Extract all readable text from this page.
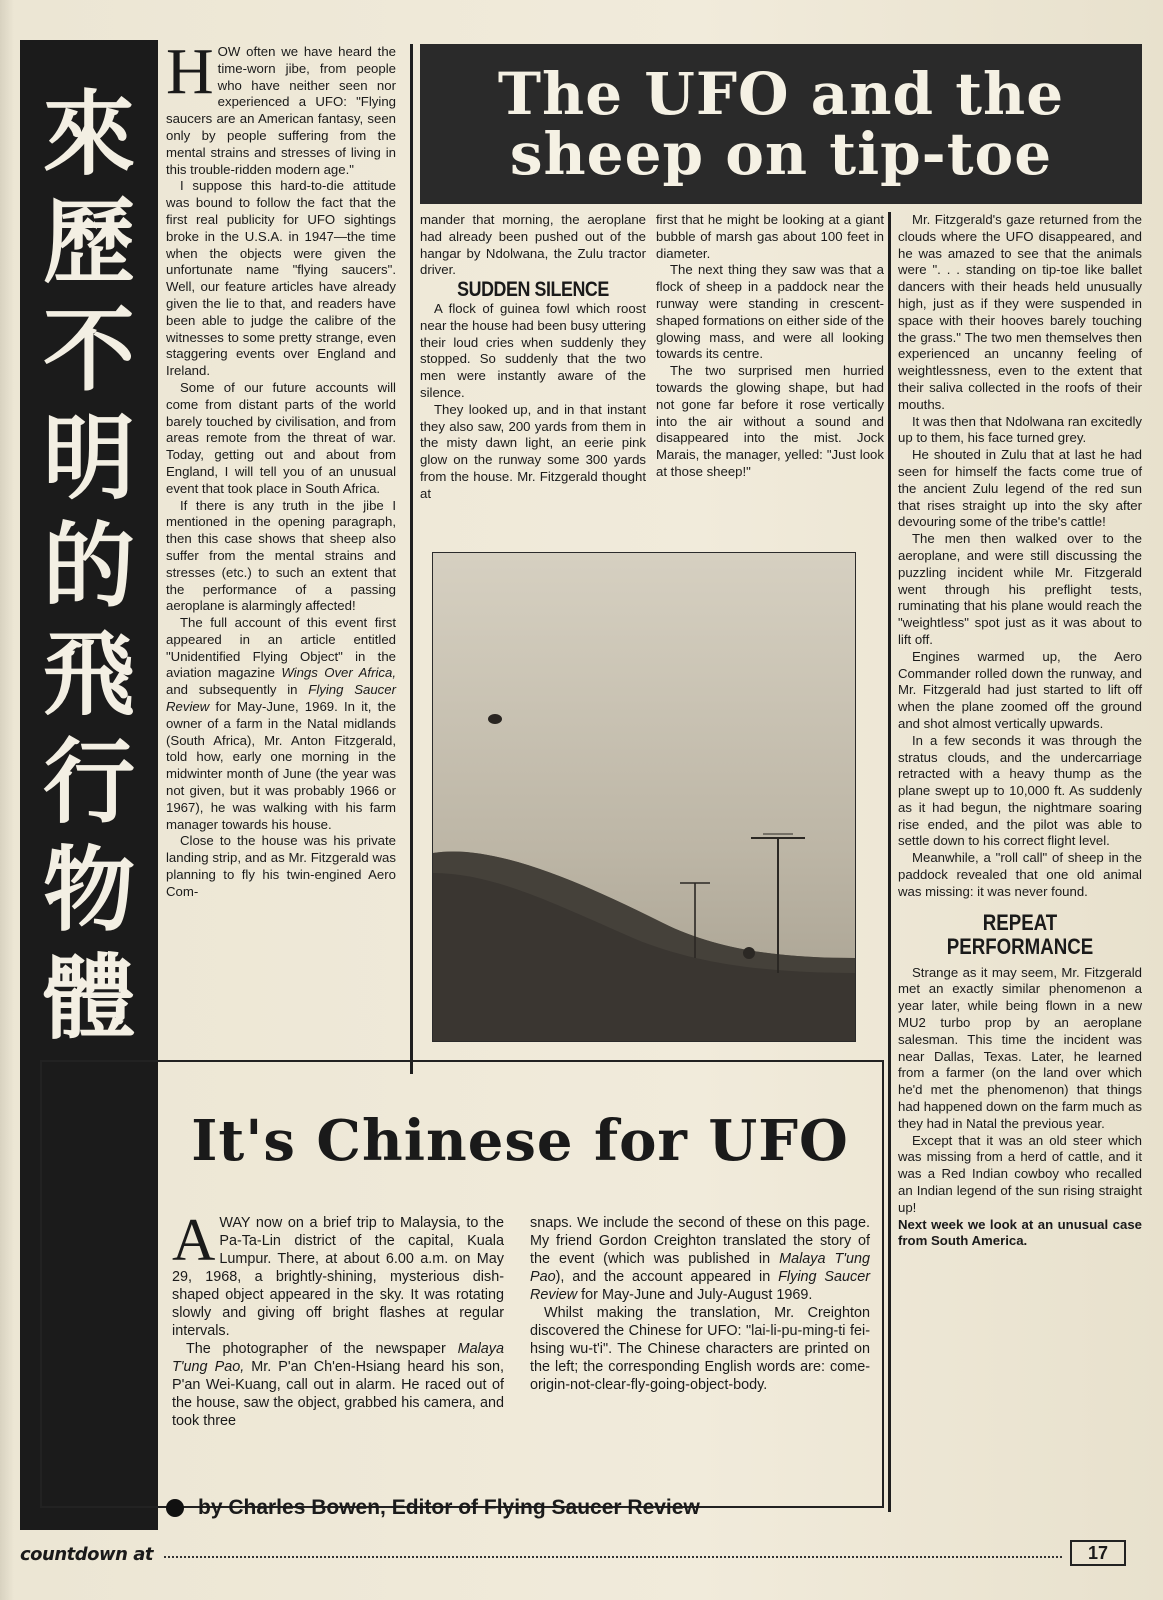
來
歷
不
明
的
飛
行
物
體
The UFO and the
sheep on tip-toe

HOW often we have heard the time-worn jibe, from people who have neither seen nor experienced a UFO: "Flying saucers are an American fantasy, seen only by people suffering from the mental strains and stresses of living in this trouble-ridden modern age."

I suppose this hard-to-die attitude was bound to follow the fact that the first real publicity for UFO sightings broke in the U.S.A. in 1947—the time when the objects were given the unfortunate name "flying saucers". Well, our feature articles have already given the lie to that, and readers have been able to judge the calibre of the witnesses to some pretty strange, even staggering events over England and Ireland.

Some of our future accounts will come from distant parts of the world barely touched by civilisation, and from areas remote from the threat of war. Today, getting out and about from England, I will tell you of an unusual event that took place in South Africa.

If there is any truth in the jibe I mentioned in the opening paragraph, then this case shows that sheep also suffer from the mental strains and stresses (etc.) to such an extent that the performance of a passing aeroplane is alarmingly affected!

The full account of this event first appeared in an article entitled "Unidentified Flying Object" in the aviation magazine Wings Over Africa, and subsequently in Flying Saucer Review for May-June, 1969. In it, the owner of a farm in the Natal midlands (South Africa), Mr. Anton Fitzgerald, told how, early one morning in the midwinter month of June (the year was not given, but it was probably 1966 or 1967), he was walking with his farm manager towards his house.

Close to the house was his private landing strip, and as Mr. Fitzgerald was planning to fly his twin-engined Aero Com-

mander that morning, the aeroplane had already been pushed out of the hangar by Ndolwana, the Zulu tractor driver.

SUDDEN SILENCE

A flock of guinea fowl which roost near the house had been busy uttering their loud cries when suddenly they stopped. So suddenly that the two men were instantly aware of the silence.

They looked up, and in that instant they also saw, 200 yards from them in the misty dawn light, an eerie pink glow on the runway some 300 yards from the house. Mr. Fitzgerald thought at

first that he might be looking at a giant bubble of marsh gas about 100 feet in diameter.

The next thing they saw was that a flock of sheep in a paddock near the runway were standing in crescent-shaped formations on either side of the glowing mass, and were all looking towards its centre.

The two surprised men hurried towards the glowing shape, but had not gone far before it rose vertically into the air without a sound and disappeared into the mist. Jock Marais, the manager, yelled: "Just look at those sheep!"

Mr. Fitzgerald's gaze returned from the clouds where the UFO disappeared, and he was amazed to see that the animals were ". . . standing on tip-toe like ballet dancers with their heads held unusually high, just as if they were suspended in space with their hooves barely touching the grass." The two men themselves then experienced an uncanny feeling of weightlessness, even to the extent that their saliva collected in the roofs of their mouths.

It was then that Ndolwana ran excitedly up to them, his face turned grey.

He shouted in Zulu that at last he had seen for himself the facts come true of the ancient Zulu legend of the red sun that rises straight up into the sky after devouring some of the tribe's cattle!

The men then walked over to the aeroplane, and were still discussing the puzzling incident while Mr. Fitzgerald went through his preflight tests, ruminating that his plane would reach the "weightless" spot just as it was about to lift off.

Engines warmed up, the Aero Commander rolled down the runway, and Mr. Fitzgerald had just started to lift off when the plane zoomed off the ground and shot almost vertically upwards.

In a few seconds it was through the stratus clouds, and the undercarriage retracted with a heavy thump as the plane swept up to 10,000 ft. As suddenly as it had begun, the nightmare soaring rise ended, and the pilot was able to settle down to his correct flight level.

Meanwhile, a "roll call" of sheep in the paddock revealed that one old animal was missing: it was never found.

REPEAT
PERFORMANCE

Strange as it may seem, Mr. Fitzgerald met an exactly similar phenomenon a year later, while being flown in a new MU2 turbo prop by an aeroplane salesman. This time the incident was near Dallas, Texas. Later, he learned from a farmer (on the land over which he'd met the phenomenon) that things had happened down on the farm much as they had in Natal the previous year.

Except that it was an old steer which was missing from a herd of cattle, and it was a Red Indian cowboy who recalled an Indian legend of the sun rising straight up!

Next week we look at an unusual case from South America.

It's Chinese for UFO

AWAY now on a brief trip to Malaysia, to the Pa-Ta-Lin district of the capital, Kuala Lumpur. There, at about 6.00 a.m. on May 29, 1968, a brightly-shining, mysterious dish-shaped object appeared in the sky. It was rotating slowly and giving off bright flashes at regular intervals.

The photographer of the newspaper Malaya T'ung Pao, Mr. P'an Ch'en-Hsiang heard his son, P'an Wei-Kuang, call out in alarm. He raced out of the house, saw the object, grabbed his camera, and took three

snaps. We include the second of these on this page. My friend Gordon Creighton translated the story of the event (which was published in Malaya T'ung Pao), and the account appeared in Flying Saucer Review for May-June and July-August 1969.

Whilst making the translation, Mr. Creighton discovered the Chinese for UFO: "lai-li-pu-ming-ti fei-hsing wu-t'i". The Chinese characters are printed on the left; the corresponding English words are: come-origin-not-clear-fly-going-object-body.

by Charles Bowen, Editor of Flying Saucer Review
countdown at	17
